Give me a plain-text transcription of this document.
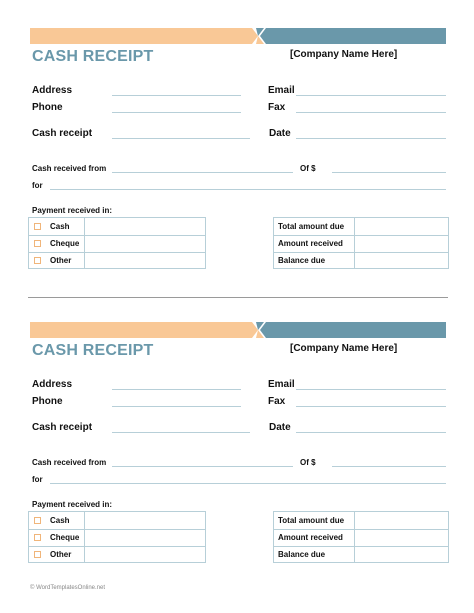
CASH RECEIPT	[Company Name Here]
Address	Email
Phone	Fax
Cash receipt	Date
Cash received from	Of $
for
Payment received in:
Cash
Cheque
Other
Total amount due
Amount received
Balance due
CASH RECEIPT	[Company Name Here]
Address	Email
Phone	Fax
Cash receipt	Date
Cash received from	Of $
for
Payment received in:
Cash
Cheque
Other
Total amount due
Amount received
Balance due
© WordTemplatesOnline.net
